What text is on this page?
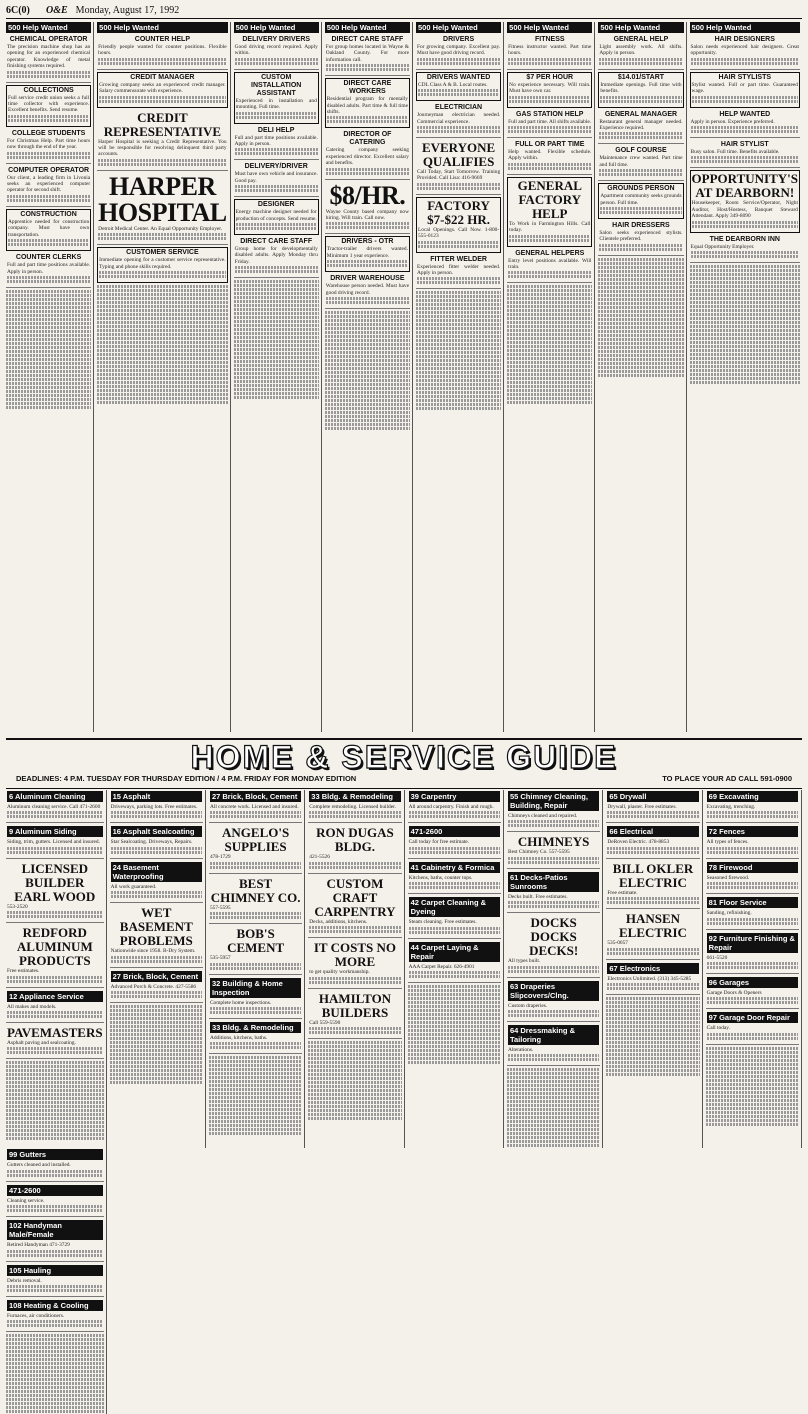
6C(0)	O&E Monday, August 17, 1992
500 Help Wanted
CHEMICAL OPERATOR
The precision machine shop has an opening for an experienced chemical operator. Knowledge of metal finishing systems required.
COLLECTIONS
Full service credit union seeks a full time collector with experience. Excellent benefits. Send resume.
COLLEGE STUDENTS
For Christmas Help. Part time hours now through the end of the year.
COMPUTER OPERATOR
Our client, a leading firm in Livonia seeks an experienced computer operator for second shift.
CONSTRUCTION
Apprentice needed for construction company. Must have own transportation.
COUNTER CLERKS
Full and part time positions available. Apply in person.
500 Help Wanted
COUNTER HELP
Friendly people wanted for counter positions. Flexible hours.
CREDIT MANAGER
Growing company seeks an experienced credit manager. Salary commensurate with experience.
CREDIT REPRESENTATIVE
Harper Hospital is seeking a Credit Representative. You will be responsible for resolving delinquent third party accounts.
HARPER HOSPITAL
Detroit Medical Center. An Equal Opportunity Employer.
CUSTOMER SERVICE
Immediate opening for a customer service representative. Typing and phone skills required.
500 Help Wanted
DELIVERY DRIVERS
Good driving record required. Apply within.
CUSTOM INSTALLATION ASSISTANT
Experienced in installation and mounting. Full time.
DELI HELP
Full and part time positions available. Apply in person.
DELIVERY/DRIVER
Must have own vehicle and insurance. Good pay.
DESIGNER
Energy machine designer needed for production of concepts. Send resume.
DIRECT CARE STAFF
Group home for developmentally disabled adults. Apply Monday thru Friday.
500 Help Wanted
DIRECT CARE STAFF
For group homes located in Wayne & Oakland County. For more information call.
DIRECT CARE WORKERS
Residential program for mentally disabled adults. Part time & full time shifts.
DIRECTOR OF CATERING
Catering company seeking experienced director. Excellent salary and benefits.
$8/HR.
Wayne County based company now hiring. Will train. Call now.
DRIVERS - OTR
Tractor-trailer drivers wanted. Minimum 1 year experience.
DRIVER WAREHOUSE
Warehouse person needed. Must have good driving record.
500 Help Wanted
DRIVERS
For growing company. Excellent pay. Must have good driving record.
DRIVERS WANTED
CDL Class A & B. Local routes.
ELECTRICIAN
Journeyman electrician needed. Commercial experience.
EVERYONE QUALIFIES
Call Today, Start Tomorrow. Training Provided. Call Lisa: 416-9669
FACTORY $7-$22 HR.
Local Openings. Call Now. 1-800-555-0123
FITTER WELDER
Experienced fitter welder needed. Apply in person.
500 Help Wanted
FITNESS
Fitness instructor wanted. Part time hours.
$7 PER HOUR
No experience necessary. Will train. Must have own car.
GAS STATION HELP
Full and part time. All shifts available.
FULL OR PART TIME
Help wanted. Flexible schedule. Apply within.
GENERAL FACTORY HELP
To Work in Farmington Hills. Call today.
GENERAL HELPERS
Entry level positions available. Will train.
500 Help Wanted
GENERAL HELP
Light assembly work. All shifts. Apply in person.
$14.01/START
Immediate openings. Full time with benefits.
GENERAL MANAGER
Restaurant general manager needed. Experience required.
GOLF COURSE
Maintenance crew wanted. Part time and full time.
GROUNDS PERSON
Apartment community seeks grounds person. Full time.
HAIR DRESSERS
Salon seeks experienced stylists. Clientele preferred.
500 Help Wanted
HAIR DESIGNERS
Salon needs experienced hair designers. Great opportunity.
HAIR STYLISTS
Stylist wanted. Full or part time. Guaranteed wage.
HELP WANTED
Apply in person. Experience preferred.
HAIR STYLIST
Busy salon. Full time. Benefits available.
OPPORTUNITY'S AT DEARBORN!
Housekeeper, Room Service/Operator, Night Auditor, Host/Hostess, Banquet Steward Attendant. Apply 349-8090
THE DEARBORN INN
Equal Opportunity Employer.
HOME & SERVICE GUIDE
DEADLINES: 4 P.M. TUESDAY FOR THURSDAY EDITION / 4 P.M. FRIDAY FOR MONDAY EDITION	TO PLACE YOUR AD CALL 591-0900
6 Aluminum Cleaning
Aluminum cleaning service. Call 471-2600
9 Aluminum Siding
Siding, trim, gutters. Licensed and insured.
LICENSED BUILDER EARL WOOD
553-2520
REDFORD ALUMINUM PRODUCTS
Free estimates.
12 Appliance Service
All makes and models.
PAVEMASTERS
Asphalt paving and sealcoating.
15 Asphalt
Driveways, parking lots. Free estimates.
16 Asphalt Sealcoating
Star Sealcoating. Driveways, Repairs.
24 Basement Waterproofing
All work guaranteed.
WET BASEMENT PROBLEMS
Nationwide since 1958. B-Dry System.
27 Brick, Block, Cement
Advanced Porch & Concrete. 427-5586
27 Brick, Block, Cement
All concrete work. Licensed and insured.
ANGELO'S SUPPLIES
478-1729
BEST CHIMNEY CO.
557-5595
BOB'S CEMENT
535-5957
32 Building & Home Inspection
Complete home inspections.
33 Bldg. & Remodeling
Additions, kitchens, baths.
33 Bldg. & Remodeling
Complete remodeling. Licensed builder.
RON DUGAS BLDG.
421-5526
CUSTOM CRAFT CARPENTRY
Decks, additions, kitchens.
IT COSTS NO MORE
to get quality workmanship.
HAMILTON BUILDERS
Call 559-5590
39 Carpentry
All around carpentry. Finish and rough.
471-2600
Call today for free estimate.
41 Cabinetry & Formica
Kitchens, baths, counter tops.
42 Carpet Cleaning & Dyeing
Steam cleaning. Free estimates.
44 Carpet Laying & Repair
AAA Carpet Repair. 626-4901
55 Chimney Cleaning, Building, Repair
Chimneys cleaned and repaired.
CHIMNEYS
Best Chimney Co. 557-5595
61 Decks-Patios Sunrooms
Decks built. Free estimates.
DOCKS DOCKS DECKS!
All types built.
63 Draperies Slipcovers/Clng.
Custom draperies.
64 Dressmaking & Tailoring
Alterations.
65 Drywall
Drywall, plaster. Free estimates.
66 Electrical
DeRoven Electric. 478-8853
BILL OKLER ELECTRIC
Free estimate.
HANSEN ELECTRIC
535-0057
67 Electronics
Electronics Unlimited. (313) 345-5285
69 Excavating
Excavating, trenching.
72 Fences
All types of fences.
78 Firewood
Seasoned firewood.
81 Floor Service
Sanding, refinishing.
92 Furniture Finishing & Repair
661-5520
96 Garages
Garage Doors & Openers
97 Garage Door Repair
Call today.
99 Gutters
Gutters cleaned and installed.
471-2600
Cleaning service.
102 Handyman Male/Female
Retired Handyman 471-3729
105 Hauling
Debris removal.
108 Heating & Cooling
Furnaces, air conditioners.
